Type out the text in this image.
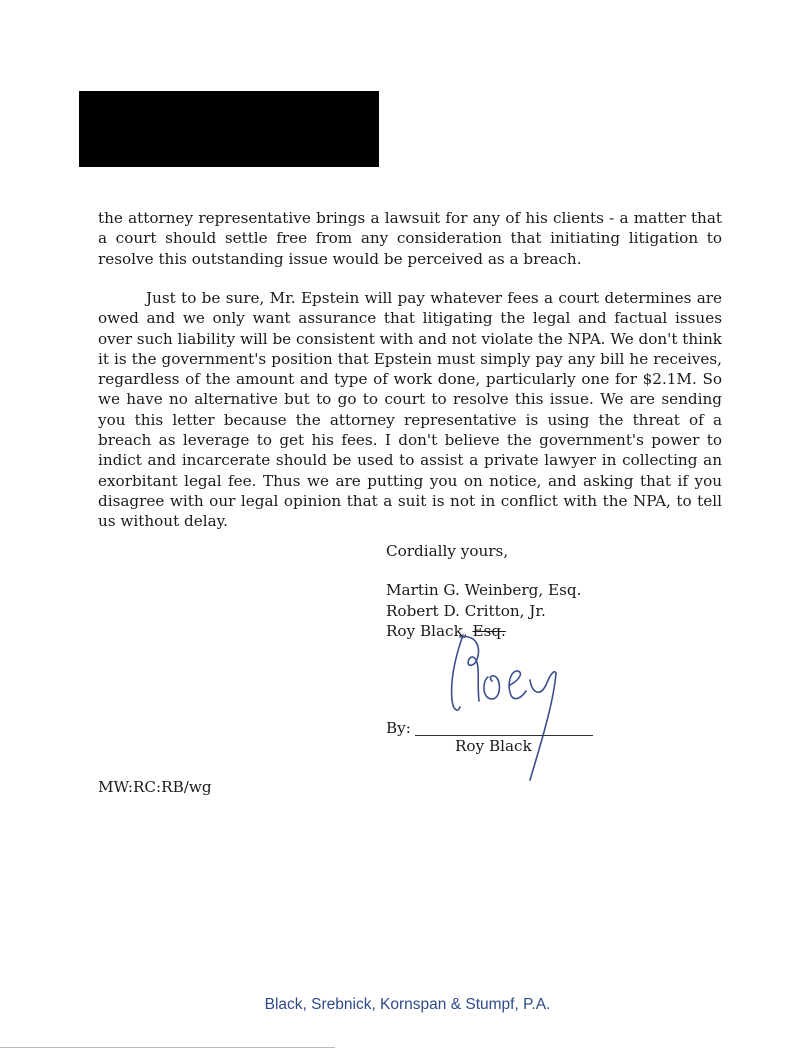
the attorney representative brings a lawsuit for any of his clients - a matter that a court should settle free from any consideration that initiating litigation to resolve this outstanding issue would be perceived as a breach.

Just to be sure, Mr. Epstein will pay whatever fees a court determines are owed and we only want assurance that litigating the legal and factual issues over such liability will be consistent with and not violate the NPA. We don't think it is the government's position that Epstein must simply pay any bill he receives, regardless of the amount and type of work done, particularly one for $2.1M. So we have no alternative but to go to court to resolve this issue. We are sending you this letter because the attorney representative is using the threat of a breach as leverage to get his fees. I don't believe the government's power to indict and incarcerate should be used to assist a private lawyer in collecting an exorbitant legal fee. Thus we are putting you on notice, and asking that if you disagree with our legal opinion that a suit is not in conflict with the NPA, to tell us without delay.

Cordially yours,

Martin G. Weinberg, Esq.
Robert D. Critton, Jr.
Roy Black, Esq.
By:
Roy Black
MW:RC:RB/wg
Black, Srebnick, Kornspan & Stumpf, P.A.
